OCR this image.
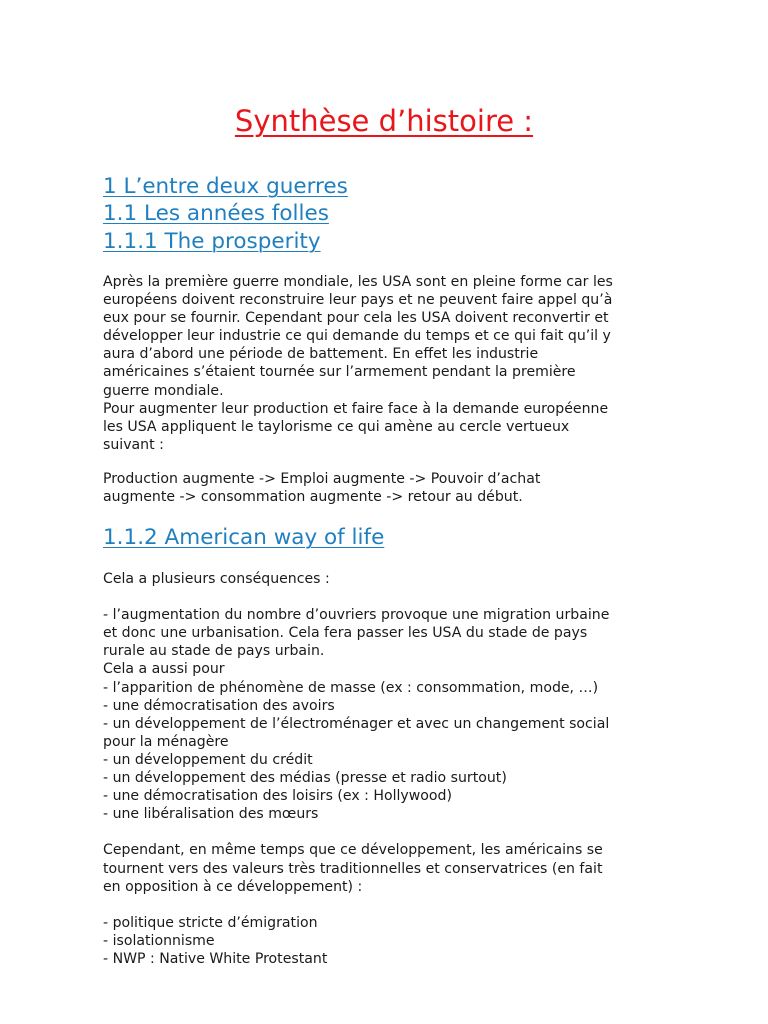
Synthèse d’histoire :
1 L’entre deux guerres
1.1 Les années folles
1.1.1 The prosperity
Après la première guerre mondiale, les USA sont en pleine forme car les
européens doivent reconstruire leur pays et ne peuvent faire appel qu’à
eux pour se fournir. Cependant pour cela les USA doivent reconvertir et
développer leur industrie ce qui demande du temps et ce qui fait qu’il y
aura d’abord une période de battement. En effet les industrie
américaines s’étaient tournée sur l’armement pendant la première
guerre mondiale.
Pour augmenter leur production et faire face à la demande européenne
les USA appliquent le taylorisme ce qui amène au cercle vertueux
suivant :
Production augmente -> Emploi augmente -> Pouvoir d’achat
augmente -> consommation augmente -> retour au début.
1.1.2 American way of life
Cela a plusieurs conséquences :

- l’augmentation du nombre d’ouvriers provoque une migration urbaine
et donc une urbanisation. Cela fera passer les USA du stade de pays
rurale au stade de pays urbain.
Cela a aussi pour
- l’apparition de phénomène de masse (ex : consommation, mode, …)
- une démocratisation des avoirs
- un développement de l’électroménager et avec un changement social
pour la ménagère
- un développement du crédit
- un développement des médias (presse et radio surtout)
- une démocratisation des loisirs (ex : Hollywood)
- une libéralisation des mœurs

Cependant, en même temps que ce développement, les américains se
tournent vers des valeurs très traditionnelles et conservatrices (en fait
en opposition à ce développement) :

- politique stricte d’émigration
- isolationnisme
- NWP : Native White Protestant
